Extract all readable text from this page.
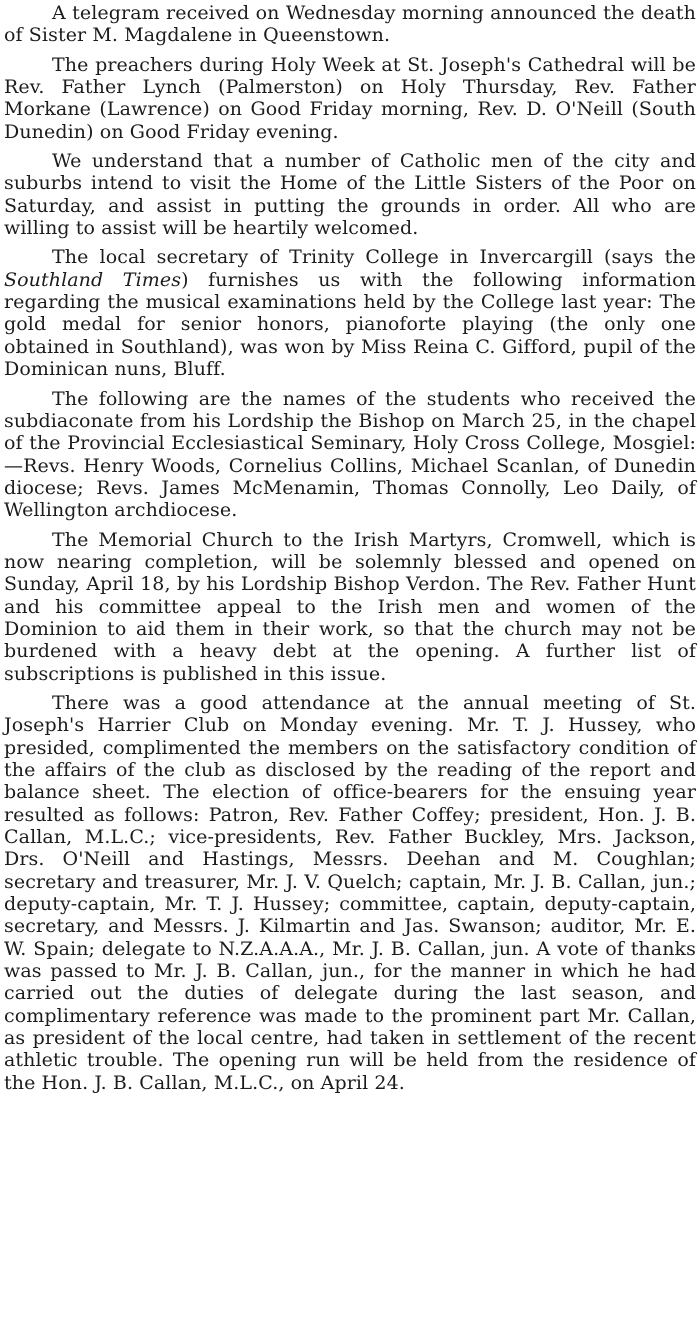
A telegram received on Wednesday morning announced the death of Sister M. Magdalene in Queenstown.

The preachers during Holy Week at St. Joseph's Cathedral will be Rev. Father Lynch (Palmerston) on Holy Thursday, Rev. Father Morkane (Lawrence) on Good Friday morning, Rev. D. O'Neill (South Dunedin) on Good Friday evening.

We understand that a number of Catholic men of the city and suburbs intend to visit the Home of the Little Sisters of the Poor on Saturday, and assist in putting the grounds in order. All who are willing to assist will be heartily welcomed.

The local secretary of Trinity College in Invercargill (says the Southland Times) furnishes us with the following information regarding the musical examinations held by the College last year: The gold medal for senior honors, pianoforte playing (the only one obtained in Southland), was won by Miss Reina C. Gifford, pupil of the Dominican nuns, Bluff.

The following are the names of the students who received the subdiaconate from his Lordship the Bishop on March 25, in the chapel of the Provincial Ecclesiastical Seminary, Holy Cross College, Mosgiel:—Revs. Henry Woods, Cornelius Collins, Michael Scanlan, of Dunedin diocese; Revs. James McMenamin, Thomas Connolly, Leo Daily, of Wellington archdiocese.

The Memorial Church to the Irish Martyrs, Cromwell, which is now nearing completion, will be solemnly blessed and opened on Sunday, April 18, by his Lordship Bishop Verdon. The Rev. Father Hunt and his committee appeal to the Irish men and women of the Dominion to aid them in their work, so that the church may not be burdened with a heavy debt at the opening. A further list of subscriptions is published in this issue.

There was a good attendance at the annual meeting of St. Joseph's Harrier Club on Monday evening. Mr. T. J. Hussey, who presided, complimented the members on the satisfactory condition of the affairs of the club as disclosed by the reading of the report and balance sheet. The election of office-bearers for the ensuing year resulted as follows: Patron, Rev. Father Coffey; president, Hon. J. B. Callan, M.L.C.; vice-presidents, Rev. Father Buckley, Mrs. Jackson, Drs. O'Neill and Hastings, Messrs. Deehan and M. Coughlan; secretary and treasurer, Mr. J. V. Quelch; captain, Mr. J. B. Callan, jun.; deputy-captain, Mr. T. J. Hussey; committee, captain, deputy-captain, secretary, and Messrs. J. Kilmartin and Jas. Swanson; auditor, Mr. E. W. Spain; delegate to N.Z.A.A.A., Mr. J. B. Callan, jun. A vote of thanks was passed to Mr. J. B. Callan, jun., for the manner in which he had carried out the duties of delegate during the last season, and complimentary reference was made to the prominent part Mr. Callan, as president of the local centre, had taken in settlement of the recent athletic trouble. The opening run will be held from the residence of the Hon. J. B. Callan, M.L.C., on April 24.
